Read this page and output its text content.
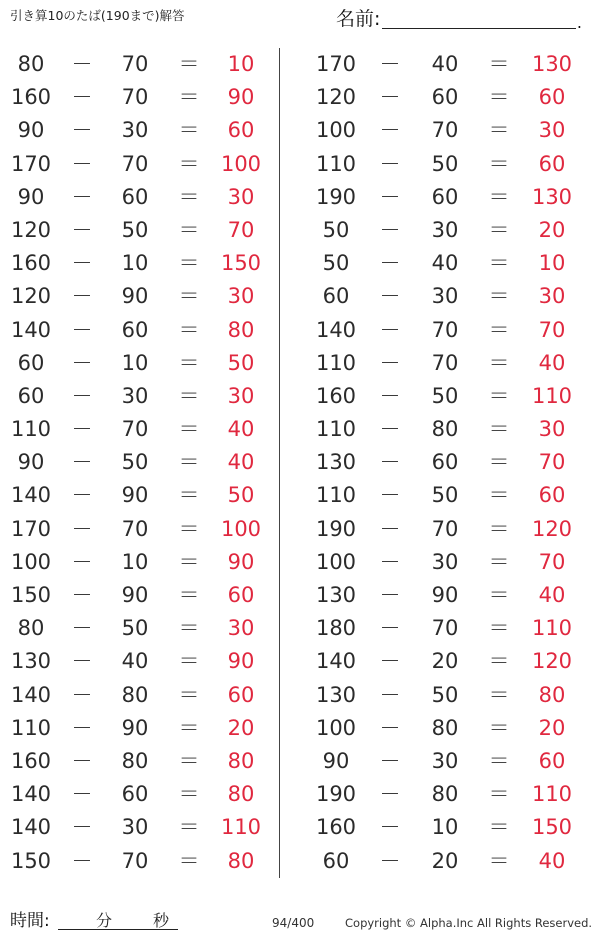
引き算10のたば(190まで)解答	名前:	.
80	－	70	＝	10
160 －	70	＝	90
90	－	30	＝	60
170 －	70	＝ 100
90	－	60	＝	30
120 －	50	＝	70
160 －	10	＝ 150
120 －	90	＝	30
140 －	60	＝	80
60	－	10	＝	50
60	－	30	＝	30
110 －	70	＝	40
90	－	50	＝	40
140 －	90	＝	50
170 －	70	＝ 100
100 －	10	＝	90
150 －	90	＝	60
80	－	50	＝	30
130 －	40	＝	90
140 －	80	＝	60
110 －	90	＝	20
160 －	80	＝	80
140 －	60	＝	80
140 －	30	＝ 110
150 －	70	＝	80
170	－	40	＝	130
120	－	60	＝	60
100	－	70	＝	30
110	－	50	＝	60
190	－	60	＝	130
50	－	30	＝	20
50	－	40	＝	10
60	－	30	＝	30
140	－	70	＝	70
110	－	70	＝	40
160	－	50	＝	110
110	－	80	＝	30
130	－	60	＝	70
110	－	50	＝	60
190	－	70	＝	120
100	－	30	＝	70
130	－	90	＝	40
180	－	70	＝	110
140	－	20	＝	120
130	－	50	＝	80
100	－	80	＝	20
90	－	30	＝	60
190	－	80	＝	110
160	－	10	＝	150
60	－	20	＝	40
時間:	分	秒	94/400	Copyright © Alpha.Inc All Rights Reserved.
